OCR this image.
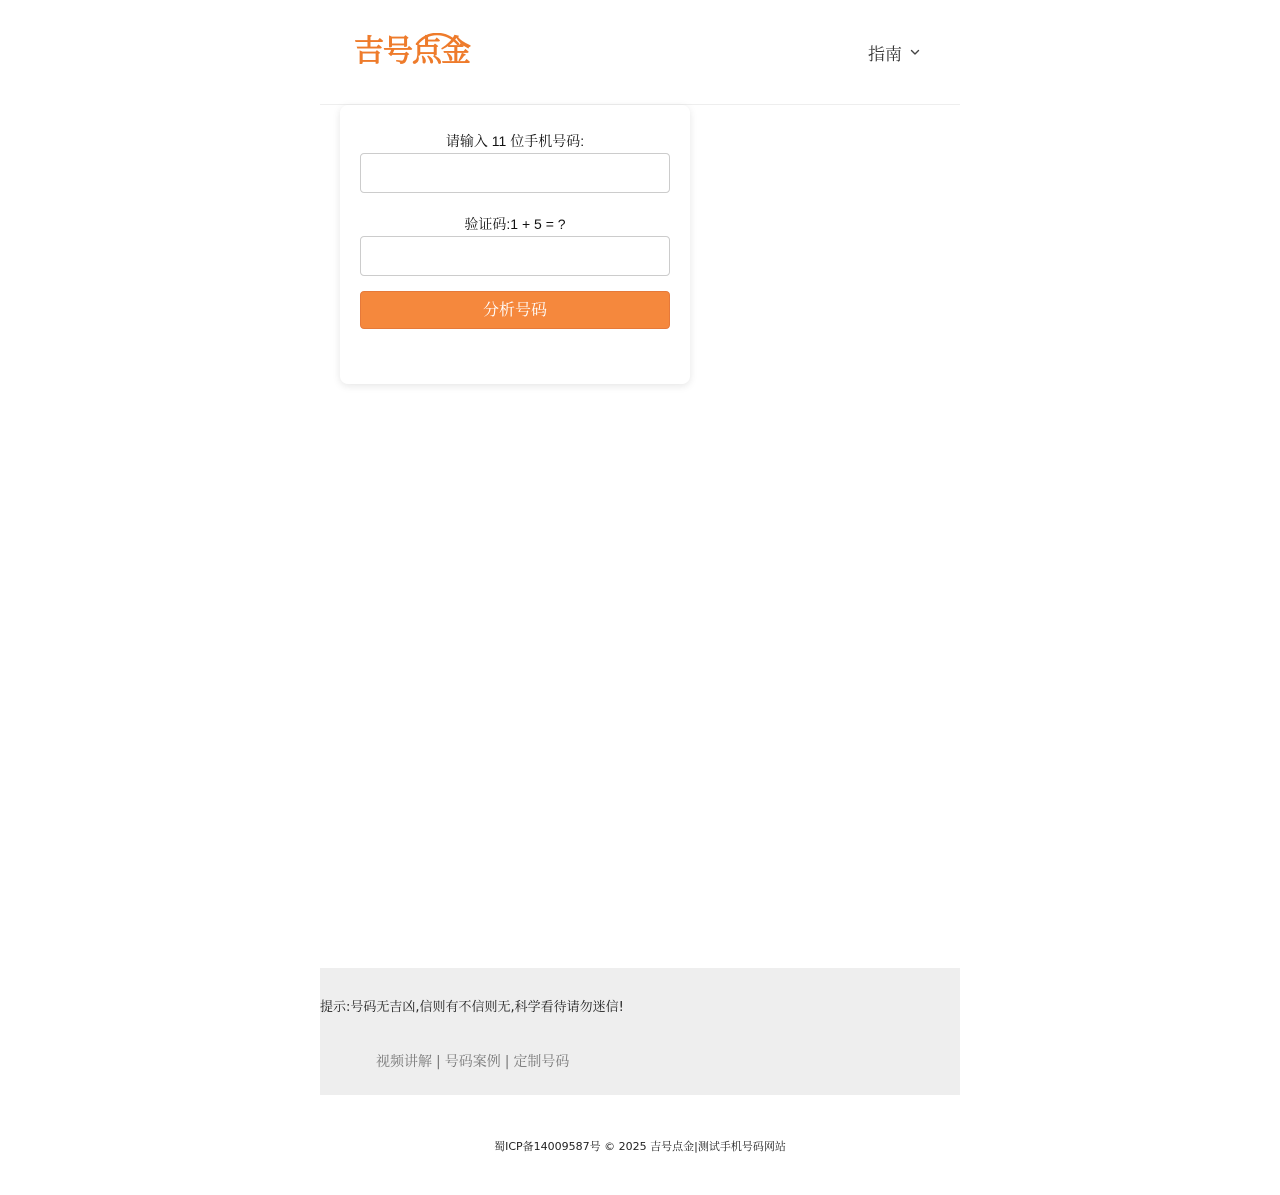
吉号点金	指南
请输入 11 位手机号码:
验证码:1 + 5 = ?
分析号码
提示:号码无吉凶,信则有不信则无,科学看待请勿迷信!
视频讲解 | 号码案例 | 定制号码
蜀ICP备14009587号 © 2025 吉号点金|测试手机号码网站
